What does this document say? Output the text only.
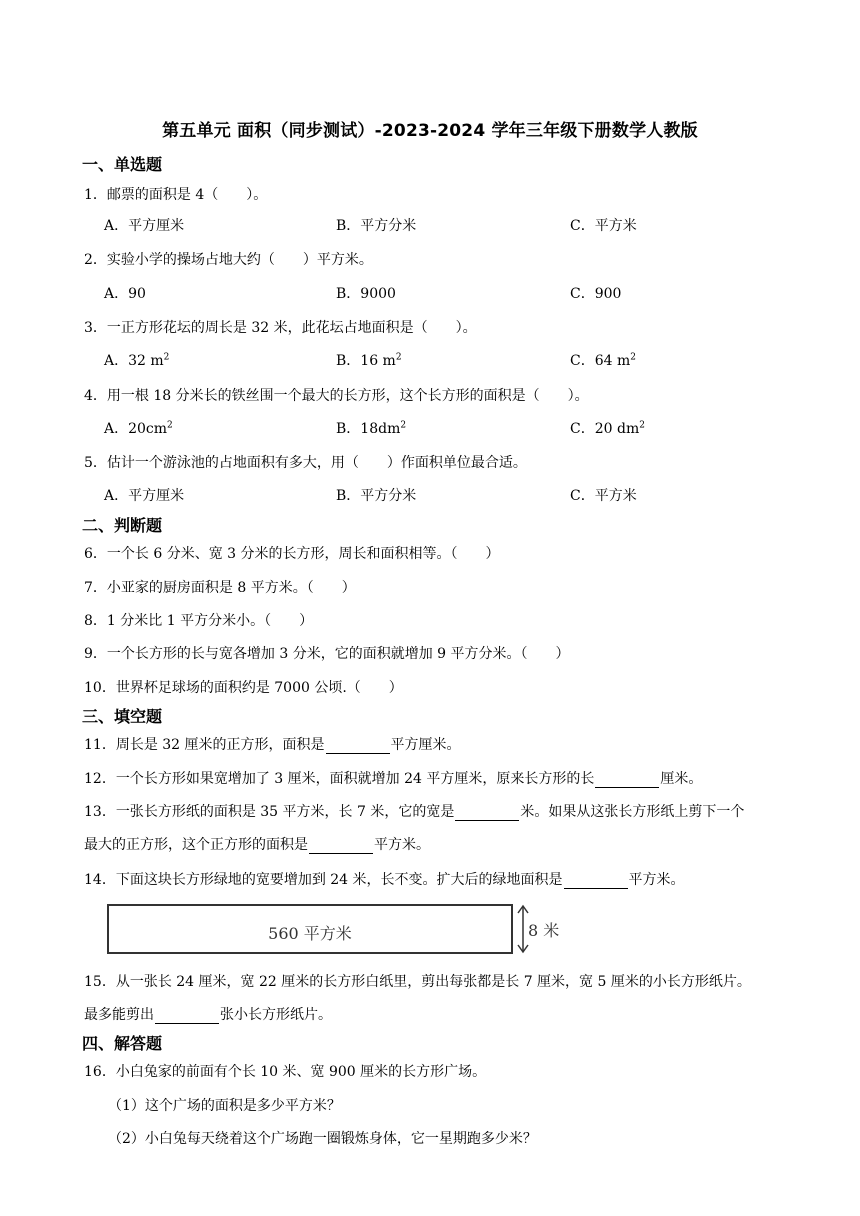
第五单元 面积（同步测试）-2023-2024 学年三年级下册数学人教版
一、单选题
1．邮票的面积是 4（　　）。
A．平方厘米	B．平方分米	C．平方米
2．实验小学的操场占地大约（　　）平方米。
A．90	B．9000	C．900
3．一正方形花坛的周长是 32 米，此花坛占地面积是（　　）。
A．32 $m^2$	B．16 $m^2$	C．64 $m^2$
4．用一根 18 分米长的铁丝围一个最大的长方形，这个长方形的面积是（　　）。
A．$20cm^2$	B．$18dm^2$	C．20 $dm^2$
5．估计一个游泳池的占地面积有多大，用（　　）作面积单位最合适。
A．平方厘米	B．平方分米	C．平方米
二、判断题
6．一个长 6 分米、宽 3 分米的长方形，周长和面积相等。（　　）
7．小亚家的厨房面积是 8 平方米。（　　）
8．1 分米比 1 平方分米小。（　　）
9．一个长方形的长与宽各增加 3 分米，它的面积就增加 9 平方分米。（　　）
10．世界杯足球场的面积约是 7000 公顷.（　　）
三、填空题
11．周长是 32 厘米的正方形，面积是	平方厘米。
12．一个长方形如果宽增加了 3 厘米，面积就增加 24 平方厘米，原来长方形的长	厘米。
13．一张长方形纸的面积是 35 平方米，长 7 米，它的宽是	米。如果从这张长方形纸上剪下一个
最大的正方形，这个正方形的面积是	平方米。
14．下面这块长方形绿地的宽要增加到 24 米，长不变。扩大后的绿地面积是	平方米。
560 平方米	8 米
15．从一张长 24 厘米，宽 22 厘米的长方形白纸里，剪出每张都是长 7 厘米，宽 5 厘米的小长方形纸片。
最多能剪出	张小长方形纸片。
四、解答题
16．小白兔家的前面有个长 10 米、宽 900 厘米的长方形广场。
（1）这个广场的面积是多少平方米？
（2）小白兔每天绕着这个广场跑一圈锻炼身体，它一星期跑多少米？
